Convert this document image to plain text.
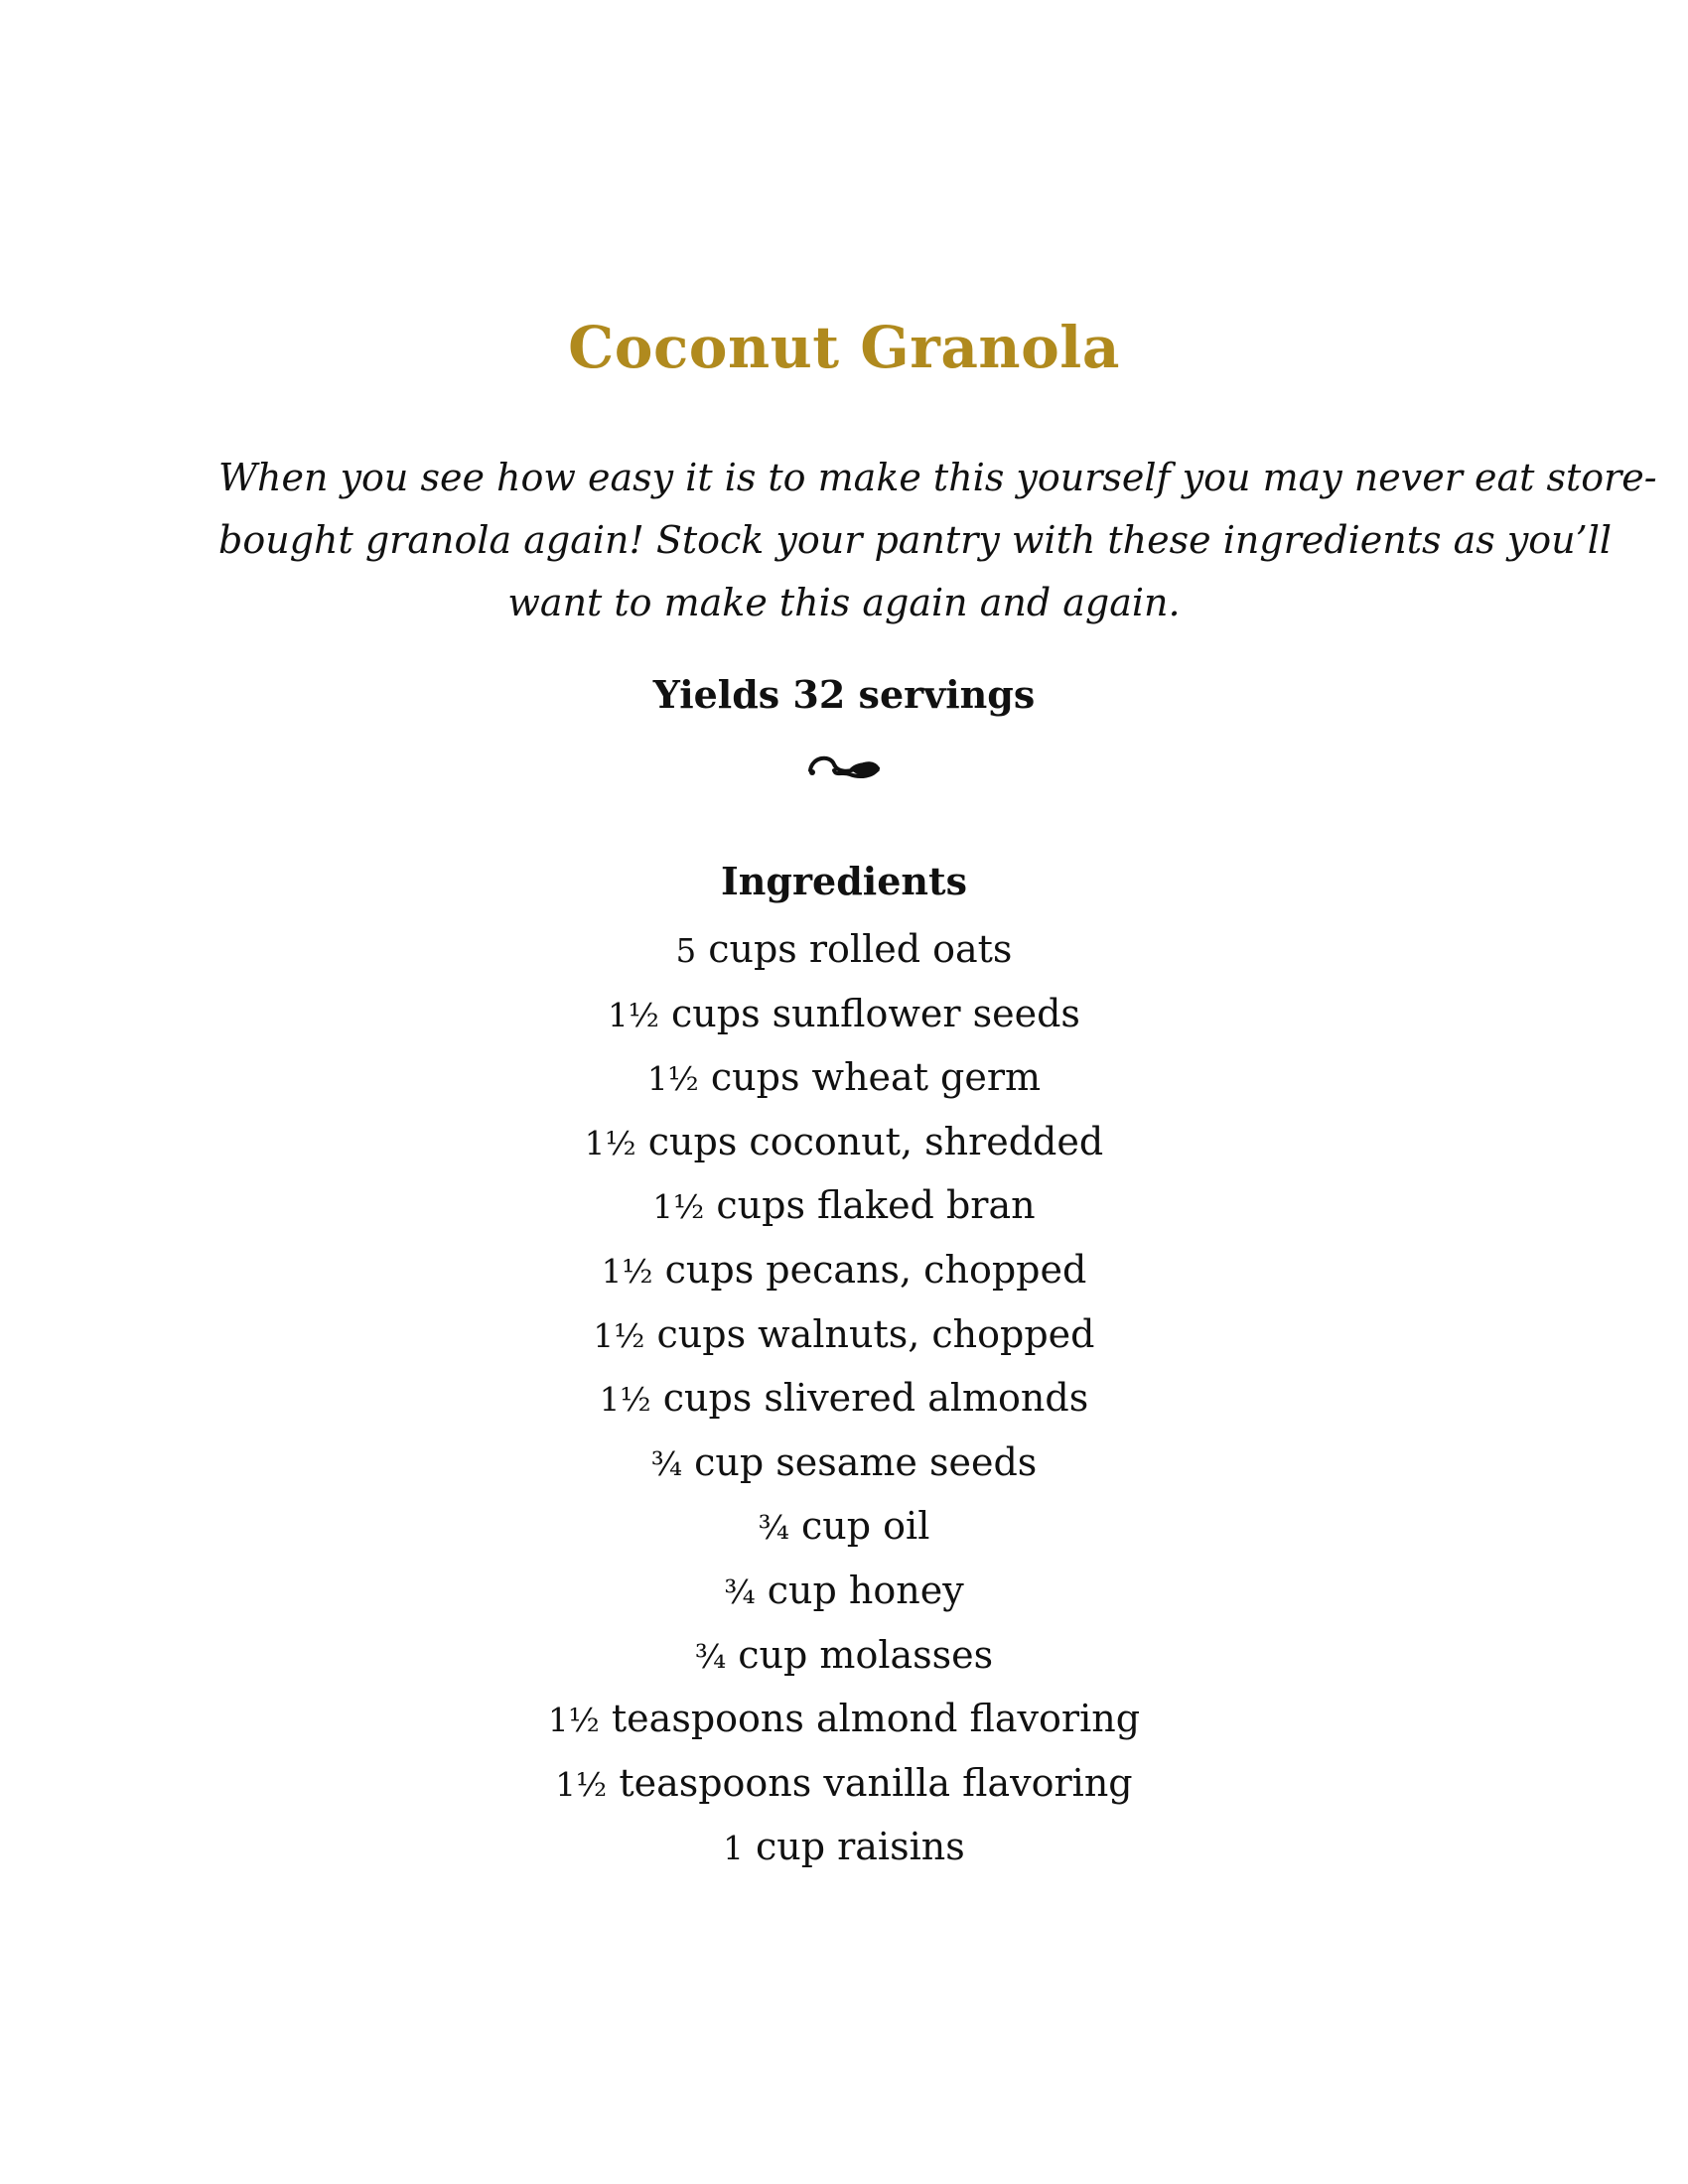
Coconut Granola
When you see how easy it is to make this yourself you may never eat store-
bought granola again! Stock your pantry with these ingredients as you’ll
want to make this again and again.
Yields 32 servings
Ingredients
5 cups rolled oats
1½ cups sunflower seeds
1½ cups wheat germ
1½ cups coconut, shredded
1½ cups flaked bran
1½ cups pecans, chopped
1½ cups walnuts, chopped
1½ cups slivered almonds
¾ cup sesame seeds
¾ cup oil
¾ cup honey
¾ cup molasses
1½ teaspoons almond flavoring
1½ teaspoons vanilla flavoring
1 cup raisins
